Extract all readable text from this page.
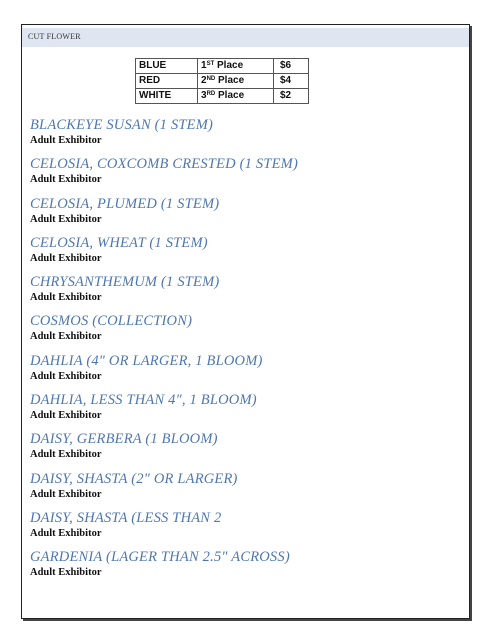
CUT FLOWER
BLUE	1ST Place	$6
RED	2ND Place	$4
WHITE	3RD Place	$2
BLACKEYE SUSAN (1 STEM)
Adult Exhibitor
CELOSIA, COXCOMB CRESTED (1 STEM)
Adult Exhibitor
CELOSIA, PLUMED (1 STEM)
Adult Exhibitor
CELOSIA, WHEAT (1 STEM)
Adult Exhibitor
CHRYSANTHEMUM (1 STEM)
Adult Exhibitor
COSMOS (COLLECTION)
Adult Exhibitor
DAHLIA (4" OR LARGER, 1 BLOOM)
Adult Exhibitor
DAHLIA, LESS THAN 4", 1 BLOOM)
Adult Exhibitor
DAISY, GERBERA (1 BLOOM)
Adult Exhibitor
DAISY, SHASTA (2" OR LARGER)
Adult Exhibitor
DAISY, SHASTA (LESS THAN 2
Adult Exhibitor
GARDENIA (LAGER THAN 2.5" ACROSS)
Adult Exhibitor
